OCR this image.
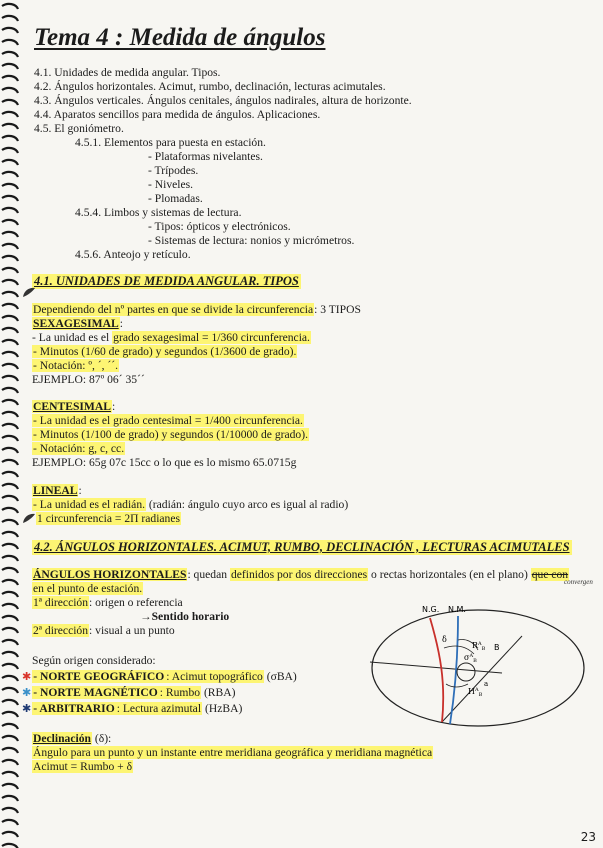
Tema 4 : Medida de ángulos
4.1. Unidades de medida angular. Tipos.
4.2. Ángulos horizontales. Acimut, rumbo, declinación, lecturas acimutales.
4.3. Ángulos verticales. Ángulos cenitales, ángulos nadirales, altura de horizonte.
4.4. Aparatos sencillos para medida de ángulos. Aplicaciones.
4.5. El goniómetro.
4.5.1. Elementos para puesta en estación.
- Plataformas nivelantes.
- Trípodes.
- Niveles.
- Plomadas.
4.5.4. Limbos y sistemas de lectura.
- Tipos: ópticos y electrónicos.
- Sistemas de lectura: nonios y micrómetros.
4.5.6. Anteojo y retículo.
4.1. UNIDADES DE MEDIDA ANGULAR. TIPOS
Dependiendo del nº partes en que se divide la circunferencia: 3 TIPOS
SEXAGESIMAL:
- La unidad es el grado sexagesimal = 1/360 circunferencia.
- Minutos (1/60 de grado) y segundos (1/3600 de grado).
- Notación: º, ´, ´´.
EJEMPLO: 87º 06´ 35´´
CENTESIMAL:
- La unidad es el grado centesimal = 1/400 circunferencia.
- Minutos (1/100 de grado) y segundos (1/10000 de grado).
- Notación: g, c, cc.
EJEMPLO: 65g 07c 15cc o lo que es lo mismo 65.0715g
LINEAL:
- La unidad es el radián. (radián: ángulo cuyo arco es igual al radio)
1 circunferencia = 2Π radianes
4.2. ÁNGULOS HORIZONTALES. ACIMUT, RUMBO, DECLINACIÓN , LECTURAS ACIMUTALES
ÁNGULOS HORIZONTALES: quedan definidos por dos direcciones o rectas horizontales (en el plano) que con
convergen
en el punto de estación.
1ª dirección: origen o referencia
→Sentido horario
2ª dirección: visual a un punto
Según origen considerado:
✱ - NORTE GEOGRÁFICO : Acimut topográfico (σBA)
✱ - NORTE MAGNÉTICO : Rumbo (RBA)
✱ - ARBITRARIO : Lectura azimutal (HzBA)
Declinación (δ):
Ángulo para un punto y un instante entre meridiana geográfica y meridiana magnética
Acimut = Rumbo + δ
N.G. N.M.
δ
$R^A_B$
$\sigma^A_B$
B
$H^A_B$
a
23
